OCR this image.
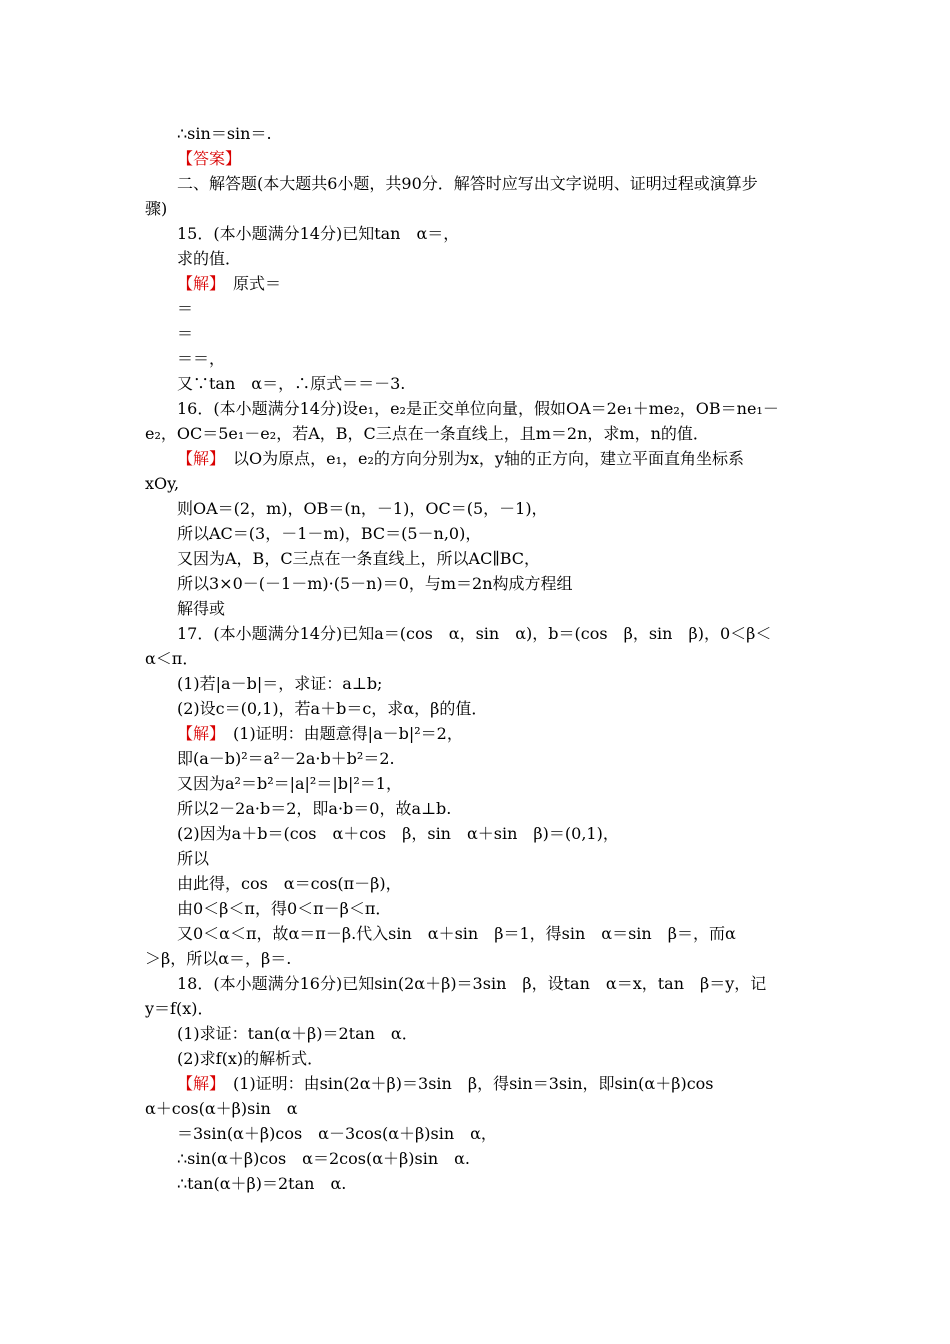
∴sin＝sin＝.
【答案】
二、解答题(本大题共6小题，共90分．解答时应写出文字说明、证明过程或演算步
骤)
15．(本小题满分14分)已知tan　α＝，
求的值．
【解】　原式＝
＝
＝
＝＝，
又∵tan　α＝，∴原式＝＝－3.
16．(本小题满分14分)设e₁，e₂是正交单位向量，假如OA＝2e₁＋me₂，OB＝ne₁－
e₂，OC＝5e₁－e₂，若A，B，C三点在一条直线上，且m＝2n，求m，n的值．
【解】　以O为原点，e₁，e₂的方向分别为x，y轴的正方向，建立平面直角坐标系
xOy,
则OA＝(2，m)，OB＝(n，－1)，OC＝(5，－1)，
所以AC＝(3，－1－m)，BC＝(5－n,0)，
又因为A，B，C三点在一条直线上，所以AC∥BC，
所以3×0－(－1－m)·(5－n)＝0，与m＝2n构成方程组
解得或
17．(本小题满分14分)已知a＝(cos　α，sin　α)，b＝(cos　β，sin　β)，0＜β＜
α＜π．
(1)若|a－b|＝，求证：a⊥b;
(2)设c＝(0,1)，若a＋b＝c，求α，β的值．
【解】　(1)证明：由题意得|a－b|²＝2，
即(a－b)²＝a²－2a·b＋b²＝2.
又因为a²＝b²＝|a|²＝|b|²＝1，
所以2－2a·b＝2，即a·b＝0，故a⊥b.
(2)因为a＋b＝(cos　α＋cos　β，sin　α＋sin　β)＝(0,1)，
所以
由此得，cos　α＝cos(π－β)，
由0＜β＜π，得0＜π－β＜π．
又0＜α＜π，故α＝π－β.代入sin　α＋sin　β＝1，得sin　α＝sin　β＝，而α
＞β，所以α＝，β＝.
18．(本小题满分16分)已知sin(2α＋β)＝3sin　β，设tan　α＝x，tan　β＝y，记
y＝f(x)．
(1)求证：tan(α＋β)＝2tan　α．
(2)求f(x)的解析式．
【解】　(1)证明：由sin(2α＋β)＝3sin　β，得sin＝3sin，即sin(α＋β)cos
α＋cos(α＋β)sin　α
＝3sin(α＋β)cos　α－3cos(α＋β)sin　α，
∴sin(α＋β)cos　α＝2cos(α＋β)sin　α.
∴tan(α＋β)＝2tan　α.
